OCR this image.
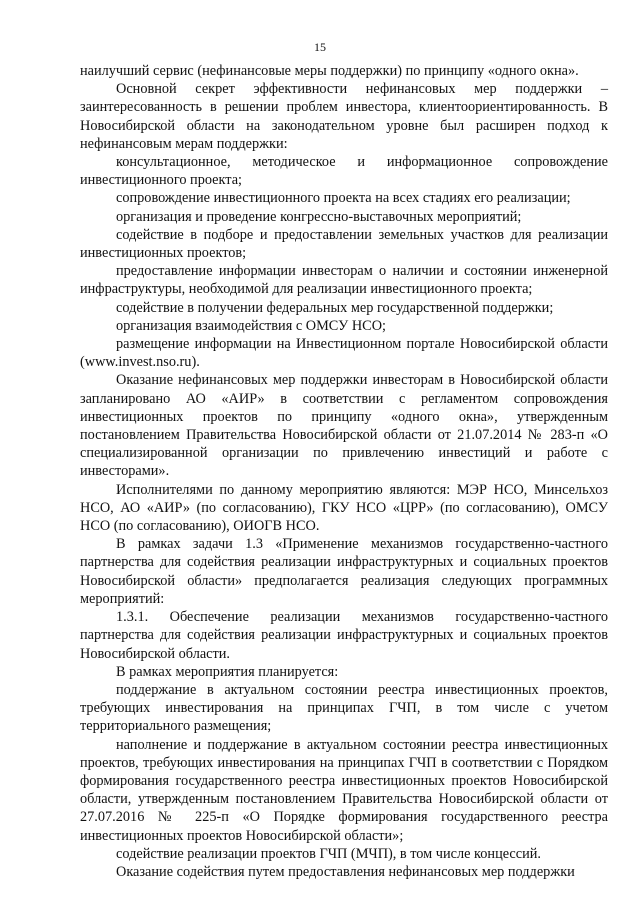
15

наилучший сервис (нефинансовые меры поддержки) по принципу «одного окна».

Основной секрет эффективности нефинансовых мер поддержки – заинтересованность в решении проблем инвестора, клиентоориентированность. В Новосибирской области на законодательном уровне был расширен подход к нефинансовым мерам поддержки:

консультационное, методическое и информационное сопровождение инвестиционного проекта;

сопровождение инвестиционного проекта на всех стадиях его реализации;

организация и проведение конгрессно-выставочных мероприятий;

содействие в подборе и предоставлении земельных участков для реализации инвестиционных проектов;

предоставление информации инвесторам о наличии и состоянии инженерной инфраструктуры, необходимой для реализации инвестиционного проекта;

содействие в получении федеральных мер государственной поддержки;

организация взаимодействия с ОМСУ НСО;

размещение информации на Инвестиционном портале Новосибирской области (www.invest.nso.ru).

Оказание нефинансовых мер поддержки инвесторам в Новосибирской области запланировано АО «АИР» в соответствии с регламентом сопровождения инвестиционных проектов по принципу «одного окна», утвержденным постановлением Правительства Новосибирской области от 21.07.2014 № 283-п «О специализированной организации по привлечению инвестиций и работе с инвесторами».

Исполнителями по данному мероприятию являются: МЭР НСО, Минсельхоз НСО, АО «АИР» (по согласованию), ГКУ НСО «ЦРР» (по согласованию), ОМСУ НСО (по согласованию), ОИОГВ НСО.

В рамках задачи 1.3 «Применение механизмов государственно-частного партнерства для содействия реализации инфраструктурных и социальных проектов Новосибирской области» предполагается реализация следующих программных мероприятий:

1.3.1. Обеспечение реализации механизмов государственно-частного партнерства для содействия реализации инфраструктурных и социальных проектов Новосибирской области.

В рамках мероприятия планируется:

поддержание в актуальном состоянии реестра инвестиционных проектов, требующих инвестирования на принципах ГЧП, в том числе с учетом территориального размещения;

наполнение и поддержание в актуальном состоянии реестра инвестиционных проектов, требующих инвестирования на принципах ГЧП в соответствии с Порядком формирования государственного реестра инвестиционных проектов Новосибирской области, утвержденным постановлением Правительства Новосибирской области от 27.07.2016 № 225-п «О Порядке формирования государственного реестра инвестиционных проектов Новосибирской области»;

содействие реализации проектов ГЧП (МЧП), в том числе концессий.

Оказание содействия путем предоставления нефинансовых мер поддержки
